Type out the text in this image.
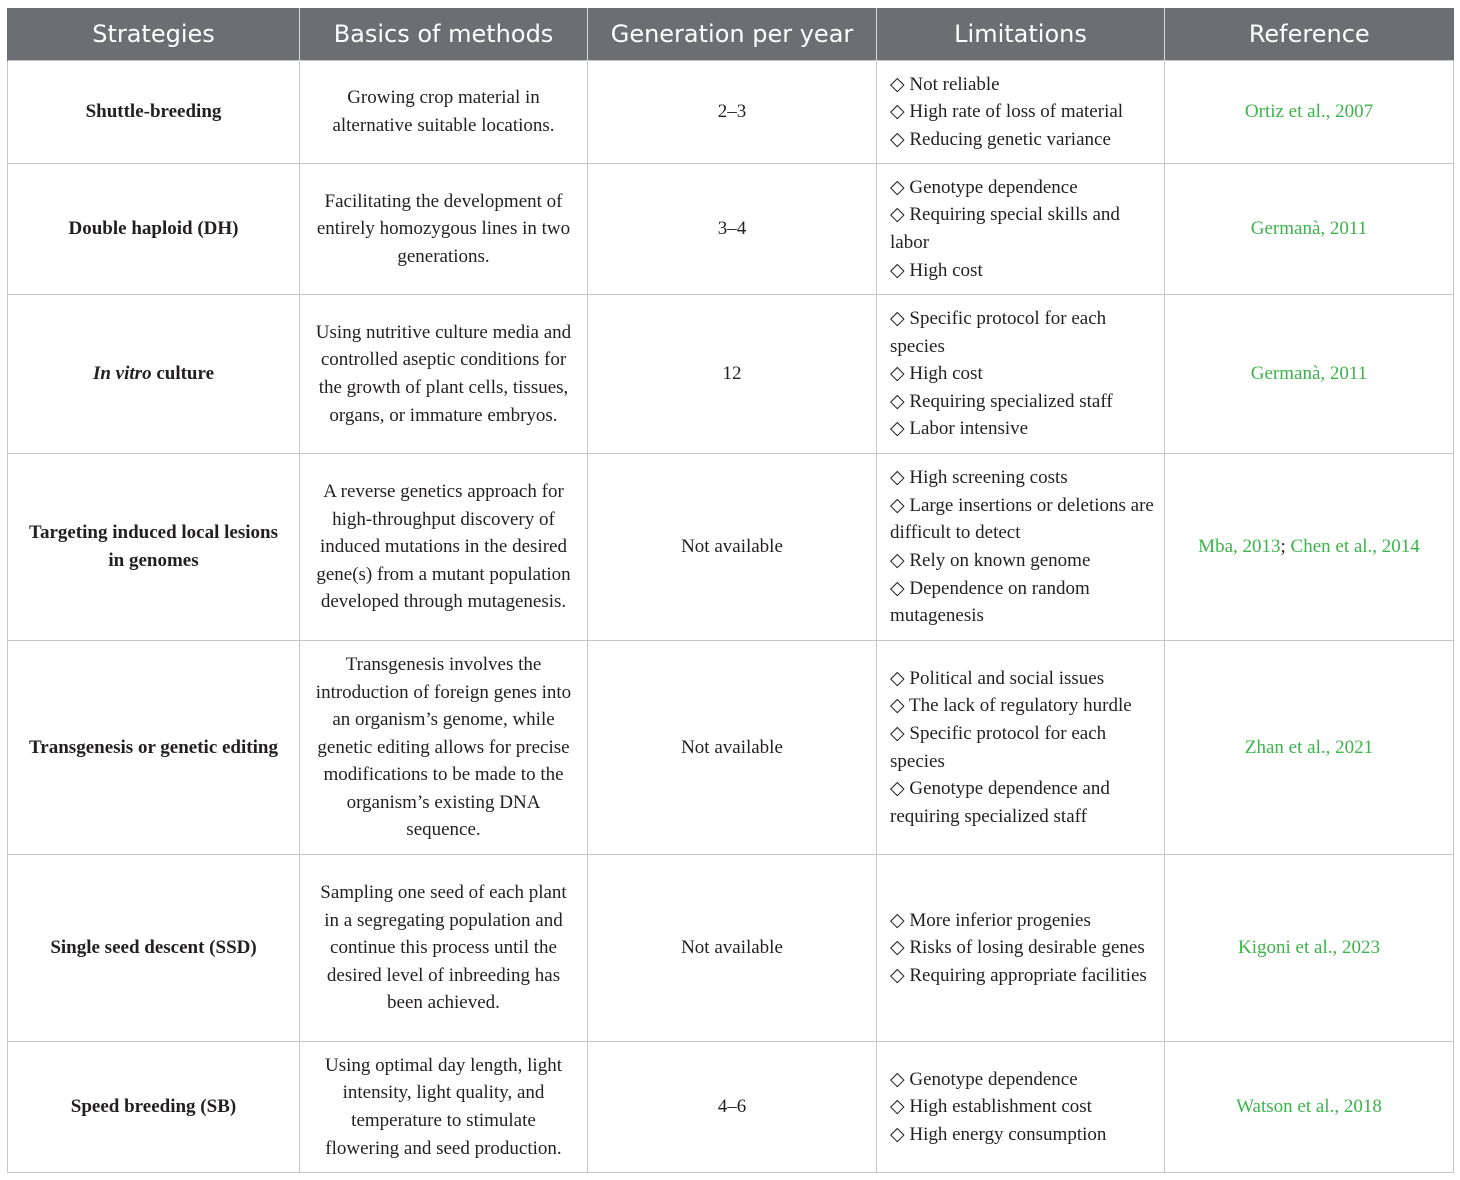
Strategies	Basics of methods	Generation per year	Limitations	Reference
Shuttle-breeding	Growing crop material in alternative suitable locations.	2–3	◇ Not reliable
◇ High rate of loss of material
◇ Reducing genetic variance	Ortiz et al., 2007
Double haploid (DH)	Facilitating the development of entirely homozygous lines in two generations.	3–4	◇ Genotype dependence
◇ Requiring special skills and labor
◇ High cost	Germanà, 2011
In vitro culture	Using nutritive culture media and controlled aseptic conditions for the growth of plant cells, tissues, organs, or immature embryos.	12	◇ Specific protocol for each species
◇ High cost
◇ Requiring specialized staff
◇ Labor intensive	Germanà, 2011
Targeting induced local lesions in genomes	A reverse genetics approach for high-throughput discovery of induced mutations in the desired gene(s) from a mutant population developed through mutagenesis.	Not available	◇ High screening costs
◇ Large insertions or deletions are difficult to detect
◇ Rely on known genome
◇ Dependence on random mutagenesis	Mba, 2013; Chen et al., 2014
Transgenesis or genetic editing	Transgenesis involves the introduction of foreign genes into an organism’s genome, while genetic editing allows for precise modifications to be made to the organism’s existing DNA sequence.	Not available	◇ Political and social issues
◇ The lack of regulatory hurdle
◇ Specific protocol for each species
◇ Genotype dependence and requiring specialized staff	Zhan et al., 2021
Single seed descent (SSD)	Sampling one seed of each plant in a segregating population and continue this process until the desired level of inbreeding has been achieved.	Not available	◇ More inferior progenies
◇ Risks of losing desirable genes
◇ Requiring appropriate facilities	Kigoni et al., 2023
Speed breeding (SB)	Using optimal day length, light intensity, light quality, and temperature to stimulate flowering and seed production.	4–6	◇ Genotype dependence
◇ High establishment cost
◇ High energy consumption	Watson et al., 2018
